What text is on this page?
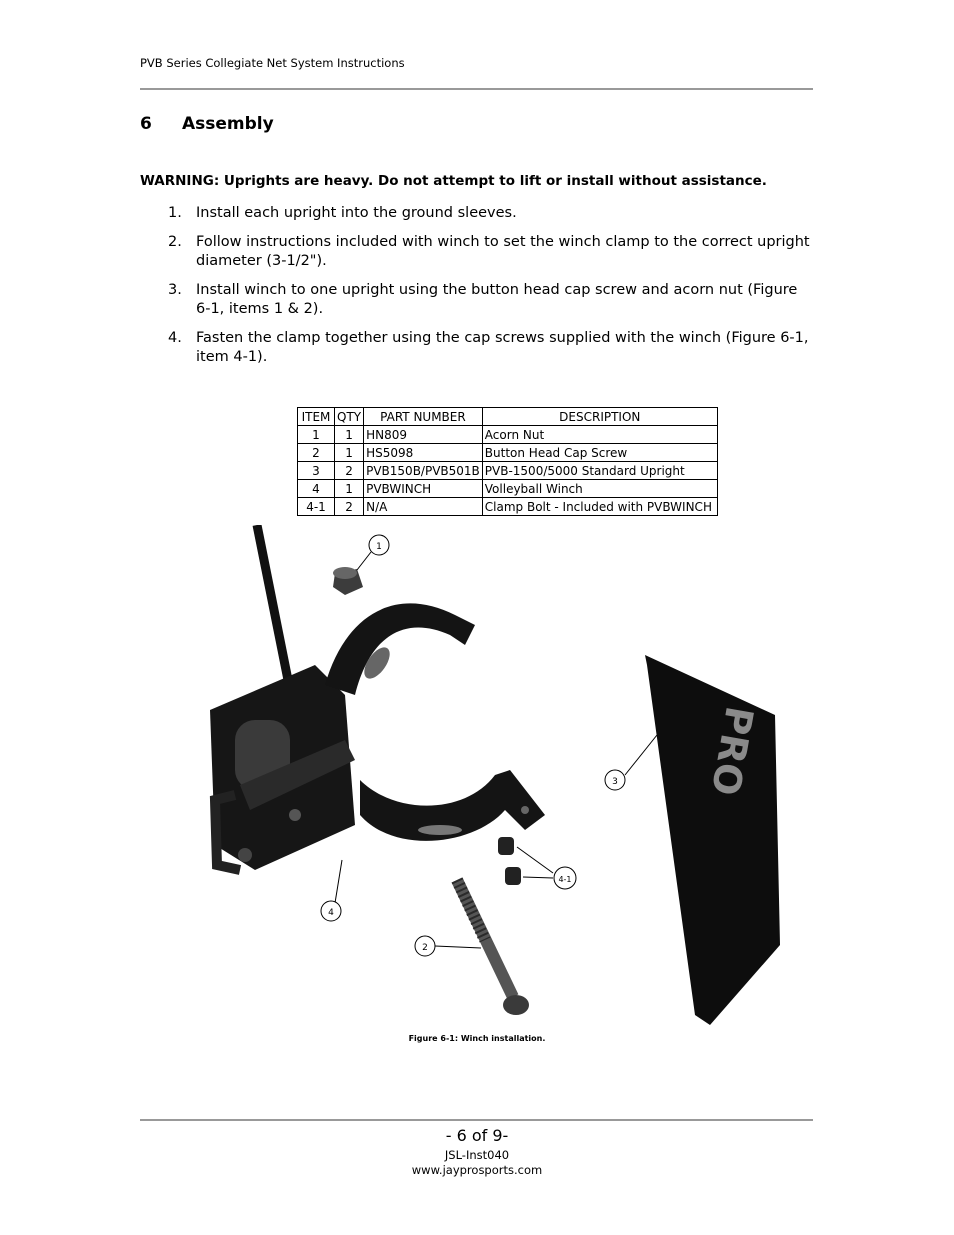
PVB Series Collegiate Net System Instructions
6 Assembly
WARNING: Uprights are heavy. Do not attempt to lift or install without assistance.
1. Install each upright into the ground sleeves.
2. Follow instructions included with winch to set the winch clamp to the correct upright diameter (3-1/2").
3. Install winch to one upright using the button head cap screw and acorn nut (Figure 6-1, items 1 & 2).
4. Fasten the clamp together using the cap screws supplied with the winch (Figure 6-1, item 4-1).
ITEM	QTY	PART NUMBER	DESCRIPTION
1	1	HN809	Acorn Nut
2	1	HS5098	Button Head Cap Screw
3	2	PVB150B/PVB501B	PVB-1500/5000 Standard Upright
4	1	PVBWINCH	Volleyball Winch
4-1	2	N/A	Clamp Bolt - Included with PVBWINCH
PRO
1
2
3
4
4-1
Figure 6-1: Winch installation.
- 6 of 9-
JSL-Inst040
www.jayprosports.com
